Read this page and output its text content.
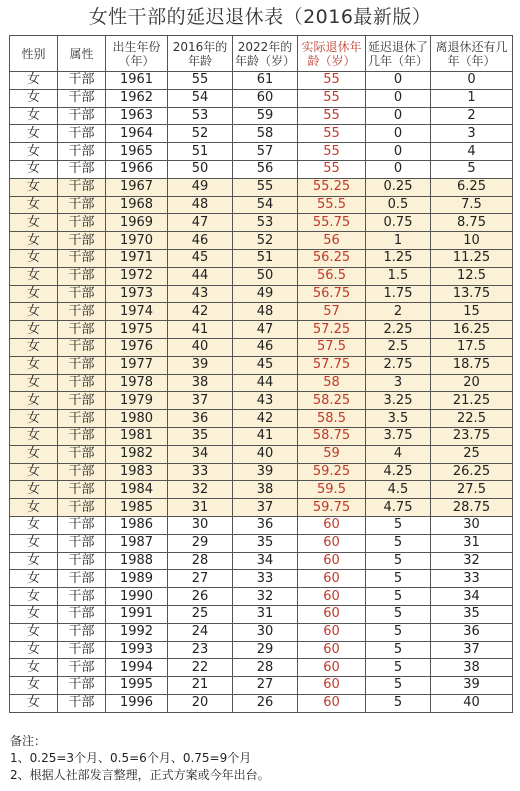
女性干部的延迟退休表（2016最新版）
性别	属性	出生年份（年）	2016年的年龄	2022年的年龄（岁）	实际退休年龄（岁）	延迟退休了几年（年）	离退休还有几年（年）
女	干部	1961	55	61	55	0	0
女	干部	1962	54	60	55	0	1
女	干部	1963	53	59	55	0	2
女	干部	1964	52	58	55	0	3
女	干部	1965	51	57	55	0	4
女	干部	1966	50	56	55	0	5
女	干部	1967	49	55	55.25	0.25	6.25
女	干部	1968	48	54	55.5	0.5	7.5
女	干部	1969	47	53	55.75	0.75	8.75
女	干部	1970	46	52	56	1	10
女	干部	1971	45	51	56.25	1.25	11.25
女	干部	1972	44	50	56.5	1.5	12.5
女	干部	1973	43	49	56.75	1.75	13.75
女	干部	1974	42	48	57	2	15
女	干部	1975	41	47	57.25	2.25	16.25
女	干部	1976	40	46	57.5	2.5	17.5
女	干部	1977	39	45	57.75	2.75	18.75
女	干部	1978	38	44	58	3	20
女	干部	1979	37	43	58.25	3.25	21.25
女	干部	1980	36	42	58.5	3.5	22.5
女	干部	1981	35	41	58.75	3.75	23.75
女	干部	1982	34	40	59	4	25
女	干部	1983	33	39	59.25	4.25	26.25
女	干部	1984	32	38	59.5	4.5	27.5
女	干部	1985	31	37	59.75	4.75	28.75
女	干部	1986	30	36	60	5	30
女	干部	1987	29	35	60	5	31
女	干部	1988	28	34	60	5	32
女	干部	1989	27	33	60	5	33
女	干部	1990	26	32	60	5	34
女	干部	1991	25	31	60	5	35
女	干部	1992	24	30	60	5	36
女	干部	1993	23	29	60	5	37
女	干部	1994	22	28	60	5	38
女	干部	1995	21	27	60	5	39
女	干部	1996	20	26	60	5	40
备注：
1、0.25=3个月、0.5=6个月、0.75=9个月
2、根据人社部发言整理，正式方案或今年出台。
